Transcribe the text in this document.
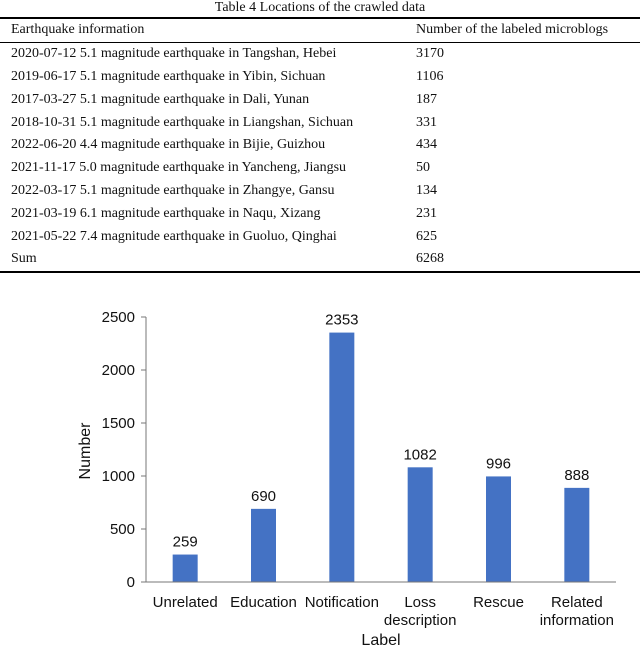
Table 4 Locations of the crawled data
Earthquake information	Number of the labeled microblogs
2020-07-12 5.1 magnitude earthquake in Tangshan, Hebei	3170
2019-06-17 5.1 magnitude earthquake in Yibin, Sichuan	1106
2017-03-27 5.1 magnitude earthquake in Dali, Yunan	187
2018-10-31 5.1 magnitude earthquake in Liangshan, Sichuan	331
2022-06-20 4.4 magnitude earthquake in Bijie, Guizhou	434
2021-11-17 5.0 magnitude earthquake in Yancheng, Jiangsu	50
2022-03-17 5.1 magnitude earthquake in Zhangye, Gansu	134
2021-03-19 6.1 magnitude earthquake in Naqu, Xizang	231
2021-05-22 7.4 magnitude earthquake in Guoluo, Qinghai	625
Sum	6268
0
500
1000
1500
2000
2500
259
690
2353
1082
996
888
Unrelated Education Notification Loss
description
Rescue Related
information
Number
Label
